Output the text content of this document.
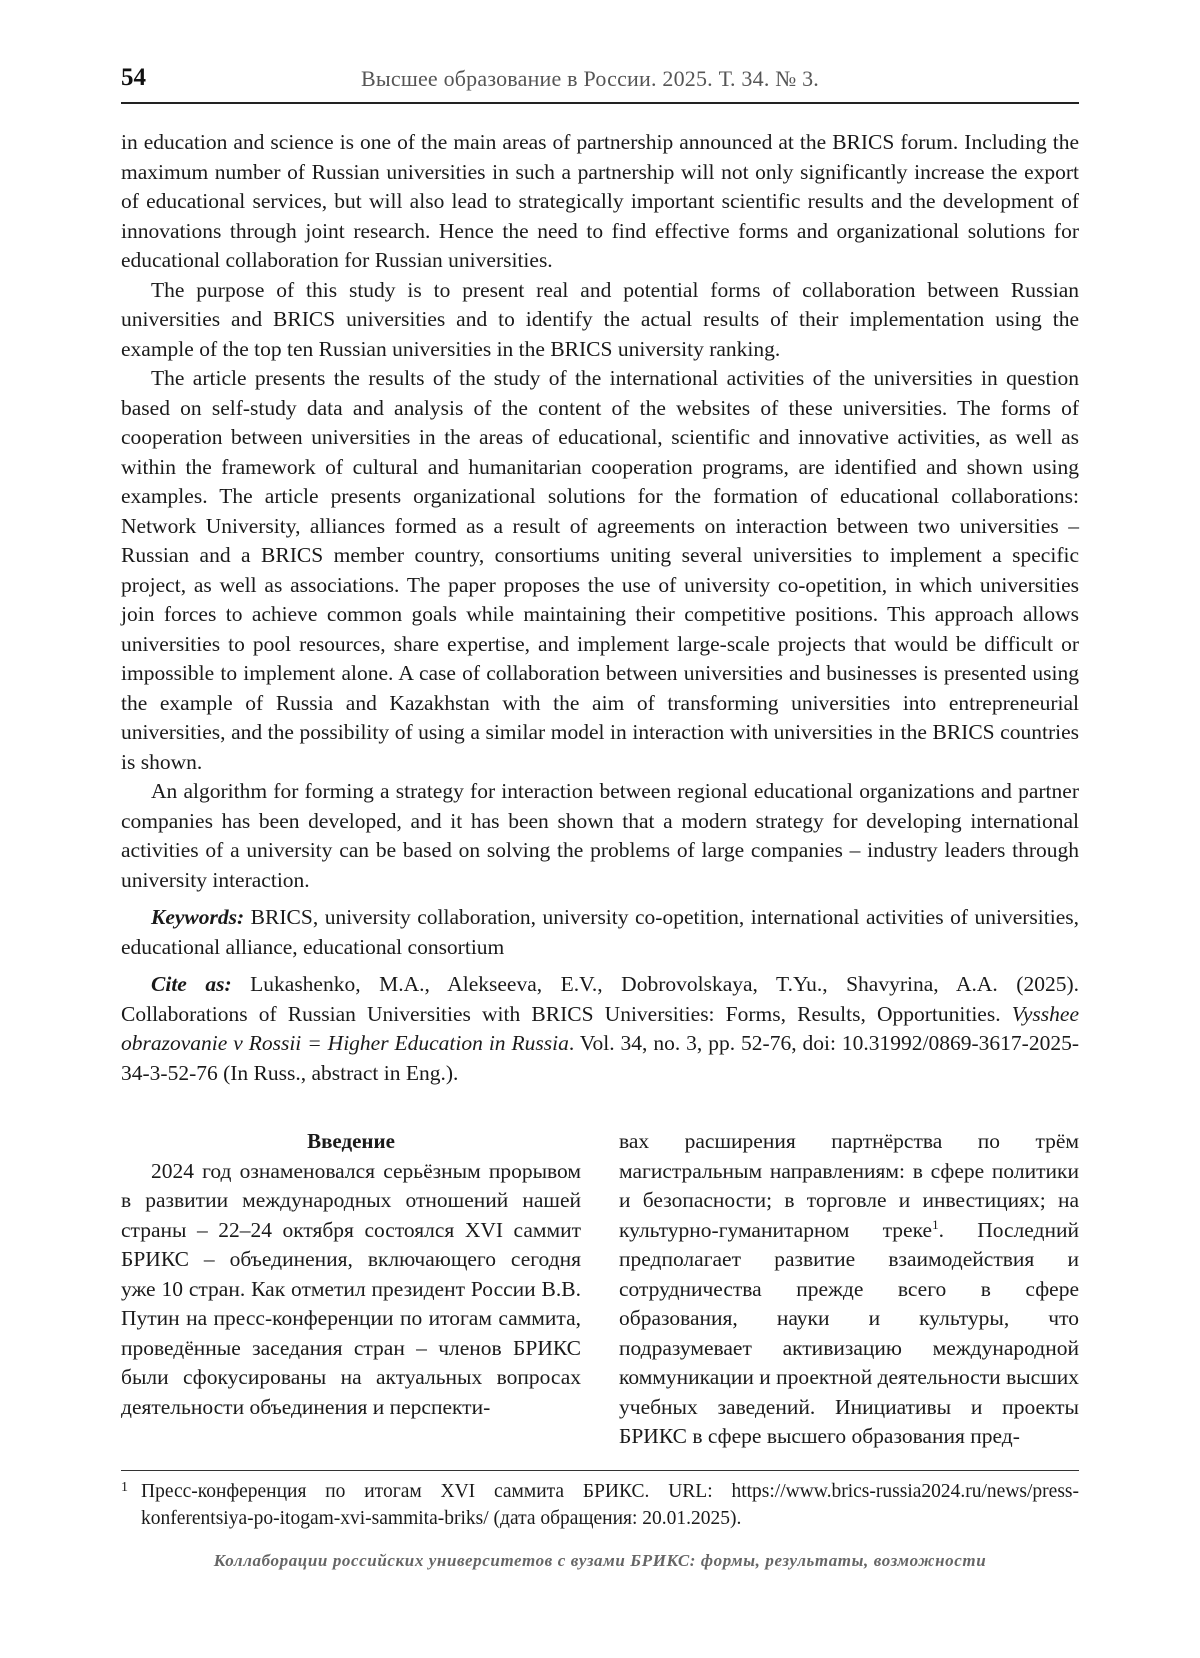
54	Высшее образование в России. 2025. Т. 34. № 3.

in education and science is one of the main areas of partnership announced at the BRICS forum. Including the maximum number of Russian universities in such a partnership will not only significantly increase the export of educational services, but will also lead to strategically important scientific results and the development of innovations through joint research. Hence the need to find effective forms and organizational solutions for educational collaboration for Russian universities.

The purpose of this study is to present real and potential forms of collaboration between Russian universities and BRICS universities and to identify the actual results of their implementation using the example of the top ten Russian universities in the BRICS university ranking.

The article presents the results of the study of the international activities of the universities in question based on self-study data and analysis of the content of the websites of these universities. The forms of cooperation between universities in the areas of educational, scientific and innovative activities, as well as within the framework of cultural and humanitarian cooperation programs, are identified and shown using examples. The article presents organizational solutions for the formation of educational collaborations: Network University, alliances formed as a result of agreements on interaction between two universities – Russian and a BRICS member country, consortiums uniting several universities to implement a specific project, as well as associations. The paper proposes the use of university co-opetition, in which universities join forces to achieve common goals while maintaining their competitive positions. This approach allows universities to pool resources, share expertise, and implement large-scale projects that would be difficult or impossible to implement alone. A case of collaboration between universities and businesses is presented using the example of Russia and Kazakhstan with the aim of transforming universities into entrepreneurial universities, and the possibility of using a similar model in interaction with universities in the BRICS countries is shown.

An algorithm for forming a strategy for interaction between regional educational organizations and partner companies has been developed, and it has been shown that a modern strategy for developing international activities of a university can be based on solving the problems of large companies – industry leaders through university interaction.

Keywords: BRICS, university collaboration, university co-opetition, international activities of universities, educational alliance, educational consortium

Cite as: Lukashenko, M.A., Alekseeva, E.V., Dobrovolskaya, T.Yu., Shavyrina, A.A. (2025). Collaborations of Russian Universities with BRICS Universities: Forms, Results, Opportunities. Vysshee obrazovanie v Rossii = Higher Education in Russia. Vol. 34, no. 3, pp. 52-76, doi: 10.31992/0869-3617-2025-34-3-52-76 (In Russ., abstract in Eng.).

Введение

2024 год ознаменовался серьёзным прорывом в развитии международных отношений нашей страны – 22–24 октября состоялся XVI саммит БРИКС – объединения, включающего сегодня уже 10 стран. Как отметил президент России В.В. Путин на пресс-конференции по итогам саммита, проведённые заседания стран – членов БРИКС были сфокусированы на актуальных вопросах деятельности объединения и перспекти-

вах расширения партнёрства по трём магистральным направлениям: в сфере политики и безопасности; в торговле и инвестициях; на культурно-гуманитарном треке$^1$. Последний предполагает развитие взаимодействия и сотрудничества прежде всего в сфере образования, науки и культуры, что подразумевает активизацию международной коммуникации и проектной деятельности высших учебных заведений. Инициативы и проекты БРИКС в сфере высшего образования пред-

1 Пресс-конференция по итогам XVI саммита БРИКС. URL: https://www.brics-russia2024.ru/news/press-konferentsiya-po-itogam-xvi-sammita-briks/ (дата обращения: 20.01.2025).
Коллаборации российских университетов с вузами БРИКС: формы, результаты, возможности
